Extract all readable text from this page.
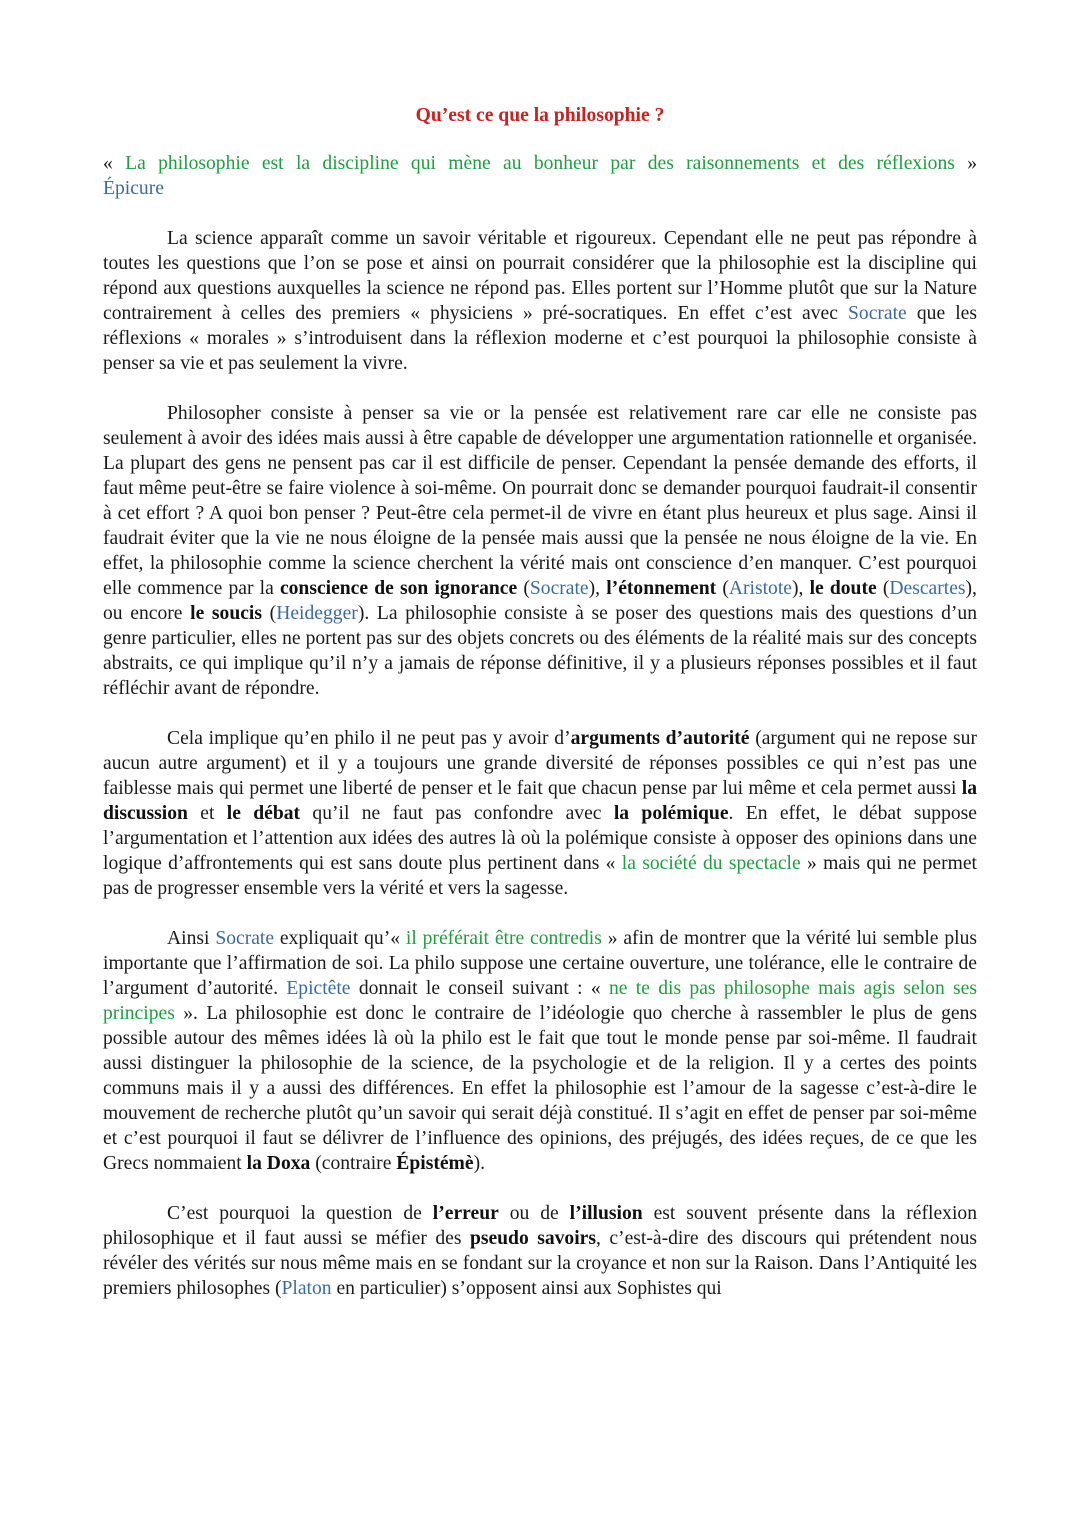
Qu’est ce que la philosophie ?
« La philosophie est la discipline qui mène au bonheur par des raisonnements et des réflexions »
Épicure

La science apparaît comme un savoir véritable et rigoureux. Cependant elle ne peut pas répondre à toutes les questions que l’on se pose et ainsi on pourrait considérer que la philosophie est la discipline qui répond aux questions auxquelles la science ne répond pas. Elles portent sur l’Homme plutôt que sur la Nature contrairement à celles des premiers « physiciens » pré-socratiques. En effet c’est avec Socrate que les réflexions « morales » s’introduisent dans la réflexion moderne et c’est pourquoi la philosophie consiste à penser sa vie et pas seulement la vivre.

Philosopher consiste à penser sa vie or la pensée est relativement rare car elle ne consiste pas seulement à avoir des idées mais aussi à être capable de développer une argumentation rationnelle et organisée. La plupart des gens ne pensent pas car il est difficile de penser. Cependant la pensée demande des efforts, il faut même peut-être se faire violence à soi-même. On pourrait donc se demander pourquoi faudrait-il consentir à cet effort ? A quoi bon penser ? Peut-être cela permet-il de vivre en étant plus heureux et plus sage. Ainsi il faudrait éviter que la vie ne nous éloigne de la pensée mais aussi que la pensée ne nous éloigne de la vie. En effet, la philosophie comme la science cherchent la vérité mais ont conscience d’en manquer. C’est pourquoi elle commence par la conscience de son ignorance (Socrate), l’étonnement (Aristote), le doute (Descartes), ou encore le soucis (Heidegger). La philosophie consiste à se poser des questions mais des questions d’un genre particulier, elles ne portent pas sur des objets concrets ou des éléments de la réalité mais sur des concepts abstraits, ce qui implique qu’il n’y a jamais de réponse définitive, il y a plusieurs réponses possibles et il faut réfléchir avant de répondre.

Cela implique qu’en philo il ne peut pas y avoir d’arguments d’autorité (argument qui ne repose sur aucun autre argument) et il y a toujours une grande diversité de réponses possibles ce qui n’est pas une faiblesse mais qui permet une liberté de penser et le fait que chacun pense par lui même et cela permet aussi la discussion et le débat qu’il ne faut pas confondre avec la polémique. En effet, le débat suppose l’argumentation et l’attention aux idées des autres là où la polémique consiste à opposer des opinions dans une logique d’affrontements qui est sans doute plus pertinent dans « la société du spectacle » mais qui ne permet pas de progresser ensemble vers la vérité et vers la sagesse.

Ainsi Socrate expliquait qu’« il préférait être contredis » afin de montrer que la vérité lui semble plus importante que l’affirmation de soi. La philo suppose une certaine ouverture, une tolérance, elle le contraire de l’argument d’autorité. Epictête donnait le conseil suivant : « ne te dis pas philosophe mais agis selon ses principes ». La philosophie est donc le contraire de l’idéologie quo cherche à rassembler le plus de gens possible autour des mêmes idées là où la philo est le fait que tout le monde pense par soi-même. Il faudrait aussi distinguer la philosophie de la science, de la psychologie et de la religion. Il y a certes des points communs mais il y a aussi des différences. En effet la philosophie est l’amour de la sagesse c’est-à-dire le mouvement de recherche plutôt qu’un savoir qui serait déjà constitué. Il s’agit en effet de penser par soi-même et c’est pourquoi il faut se délivrer de l’influence des opinions, des préjugés, des idées reçues, de ce que les Grecs nommaient la Doxa (contraire Épistémè).

C’est pourquoi la question de l’erreur ou de l’illusion est souvent présente dans la réflexion philosophique et il faut aussi se méfier des pseudo savoirs, c’est-à-dire des discours qui prétendent nous révéler des vérités sur nous même mais en se fondant sur la croyance et non sur la Raison. Dans l’Antiquité les premiers philosophes (Platon en particulier) s’opposent ainsi aux Sophistes qui
